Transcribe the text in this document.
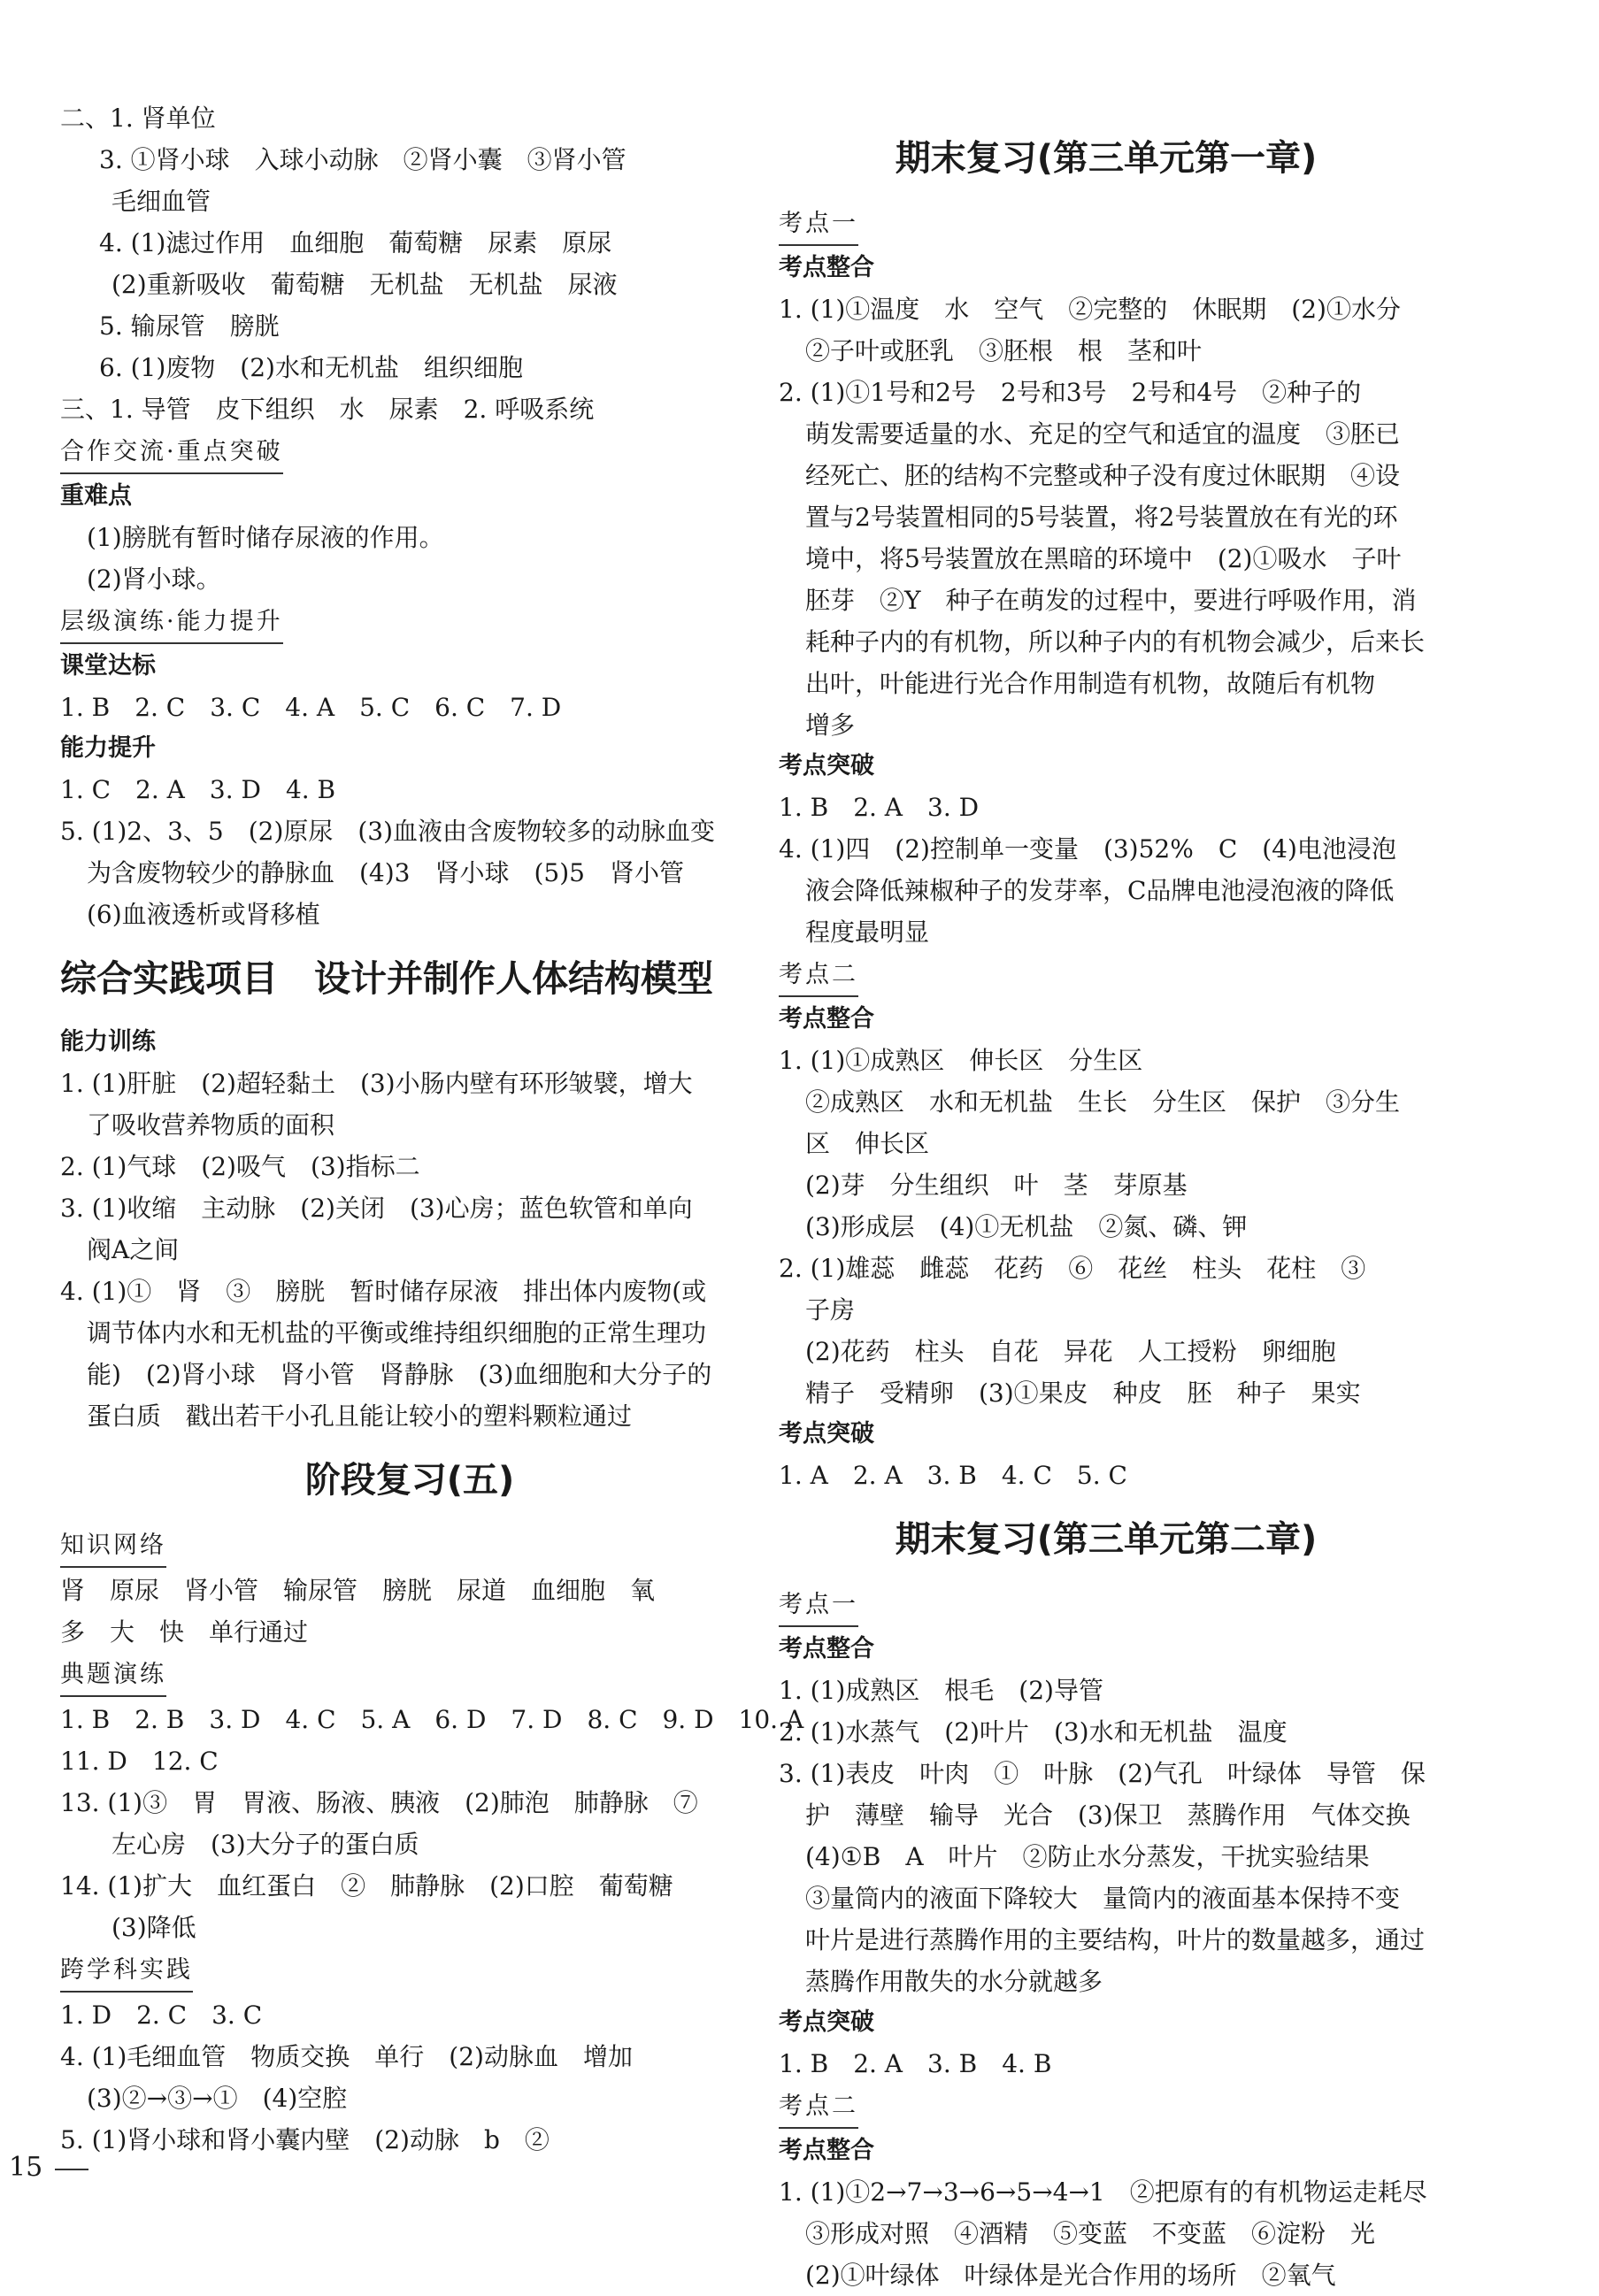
二、1. 肾单位
3. ①肾小球　入球小动脉　②肾小囊　③肾小管
毛细血管
4. (1)滤过作用　血细胞　葡萄糖　尿素　原尿
(2)重新吸收　葡萄糖　无机盐　无机盐　尿液
5. 输尿管　膀胱
6. (1)废物　(2)水和无机盐　组织细胞
三、1. 导管　皮下组织　水　尿素　2. 呼吸系统
合作交流·重点突破
重难点
(1)膀胱有暂时储存尿液的作用。
(2)肾小球。
层级演练·能力提升
课堂达标
1. B　2. C　3. C　4. A　5. C　6. C　7. D
能力提升
1. C　2. A　3. D　4. B
5. (1)2、3、5　(2)原尿　(3)血液由含废物较多的动脉血变
为含废物较少的静脉血　(4)3　肾小球　(5)5　肾小管
(6)血液透析或肾移植
综合实践项目　设计并制作人体结构模型
能力训练
1. (1)肝脏　(2)超轻黏土　(3)小肠内壁有环形皱襞，增大
了吸收营养物质的面积
2. (1)气球　(2)吸气　(3)指标二
3. (1)收缩　主动脉　(2)关闭　(3)心房；蓝色软管和单向
阀A之间
4. (1)①　肾　③　膀胱　暂时储存尿液　排出体内废物(或
调节体内水和无机盐的平衡或维持组织细胞的正常生理功
能)　(2)肾小球　肾小管　肾静脉　(3)血细胞和大分子的
蛋白质　戳出若干小孔且能让较小的塑料颗粒通过
阶段复习(五)
知识网络
肾　原尿　肾小管　输尿管　膀胱　尿道　血细胞　氧
多　大　快　单行通过
典题演练
1. B　2. B　3. D　4. C　5. A　6. D　7. D　8. C　9. D　10. A
11. D　12. C
13. (1)③　胃　胃液、肠液、胰液　(2)肺泡　肺静脉　⑦
左心房　(3)大分子的蛋白质
14. (1)扩大　血红蛋白　②　肺静脉　(2)口腔　葡萄糖
(3)降低
跨学科实践
1. D　2. C　3. C
4. (1)毛细血管　物质交换　单行　(2)动脉血　增加
(3)②→③→①　(4)空腔
5. (1)肾小球和肾小囊内壁　(2)动脉　b　②
期末复习(第三单元第一章)
考点一
考点整合
1. (1)①温度　水　空气　②完整的　休眠期　(2)①水分
②子叶或胚乳　③胚根　根　茎和叶
2. (1)①1号和2号　2号和3号　2号和4号　②种子的
萌发需要适量的水、充足的空气和适宜的温度　③胚已
经死亡、胚的结构不完整或种子没有度过休眠期　④设
置与2号装置相同的5号装置，将2号装置放在有光的环
境中，将5号装置放在黑暗的环境中　(2)①吸水　子叶
胚芽　②Y　种子在萌发的过程中，要进行呼吸作用，消
耗种子内的有机物，所以种子内的有机物会减少，后来长
出叶，叶能进行光合作用制造有机物，故随后有机物
增多
考点突破
1. B　2. A　3. D
4. (1)四　(2)控制单一变量　(3)52%　C　(4)电池浸泡
液会降低辣椒种子的发芽率，C品牌电池浸泡液的降低
程度最明显
考点二
考点整合
1. (1)①成熟区　伸长区　分生区
②成熟区　水和无机盐　生长　分生区　保护　③分生
区　伸长区
(2)芽　分生组织　叶　茎　芽原基
(3)形成层　(4)①无机盐　②氮、磷、钾
2. (1)雄蕊　雌蕊　花药　⑥　花丝　柱头　花柱　③
子房
(2)花药　柱头　自花　异花　人工授粉　卵细胞
精子　受精卵　(3)①果皮　种皮　胚　种子　果实
考点突破
1. A　2. A　3. B　4. C　5. C
期末复习(第三单元第二章)
考点一
考点整合
1. (1)成熟区　根毛　(2)导管
2. (1)水蒸气　(2)叶片　(3)水和无机盐　温度
3. (1)表皮　叶肉　①　叶脉　(2)气孔　叶绿体　导管　保
护　薄壁　输导　光合　(3)保卫　蒸腾作用　气体交换
(4)①B　A　叶片　②防止水分蒸发，干扰实验结果
③量筒内的液面下降较大　量筒内的液面基本保持不变
叶片是进行蒸腾作用的主要结构，叶片的数量越多，通过
蒸腾作用散失的水分就越多
考点突破
1. B　2. A　3. B　4. B
考点二
考点整合
1. (1)①2→7→3→6→5→4→1　②把原有的有机物运走耗尽
③形成对照　④酒精　⑤变蓝　不变蓝　⑥淀粉　光
(2)①叶绿体　叶绿体是光合作用的场所　②氧气
15
